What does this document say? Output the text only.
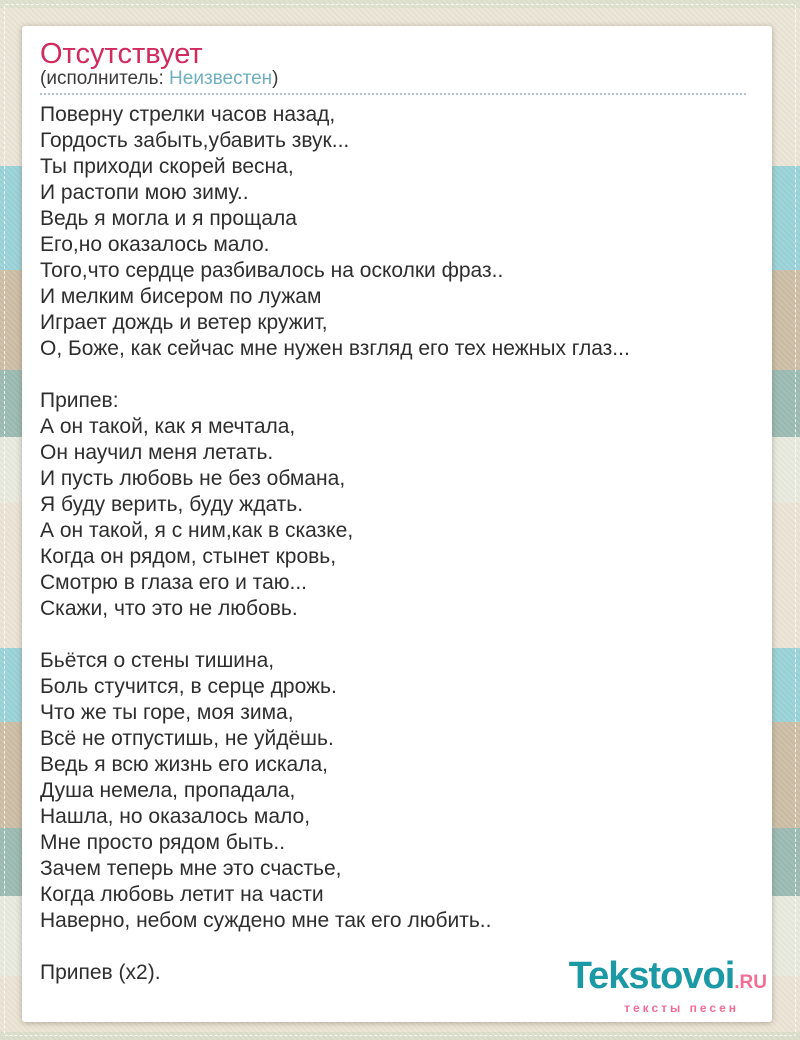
Отсутствует
(исполнитель: Неизвестен)
Поверну стрелки часов назад,
Гордость забыть,убавить звук...
Ты приходи скорей весна,
И растопи мою зиму..
Ведь я могла и я прощала
Его,но оказалось мало.
Того,что сердце разбивалось на осколки фраз..
И мелким бисером по лужам
Играет дождь и ветер кружит,
О, Боже, как сейчас мне нужен взгляд его тех нежных глаз...

Припев:
А он такой, как я мечтала,
Он научил меня летать.
И пусть любовь не без обмана,
Я буду верить, буду ждать.
А он такой, я с ним,как в сказке,
Когда он рядом, стынет кровь,
Смотрю в глаза его и таю...
Скажи, что это не любовь.

Бьётся о стены тишина,
Боль стучится, в серце дрожь.
Что же ты горе, моя зима,
Всё не отпустишь, не уйдёшь.
Ведь я всю жизнь его искала,
Душа немела, пропадала,
Нашла, но оказалось мало,
Мне просто рядом быть..
Зачем теперь мне это счастье,
Когда любовь летит на части
Наверно, небом суждено мне так его любить..

Припев (x2).	Tekstovoi.RU
тексты песен
